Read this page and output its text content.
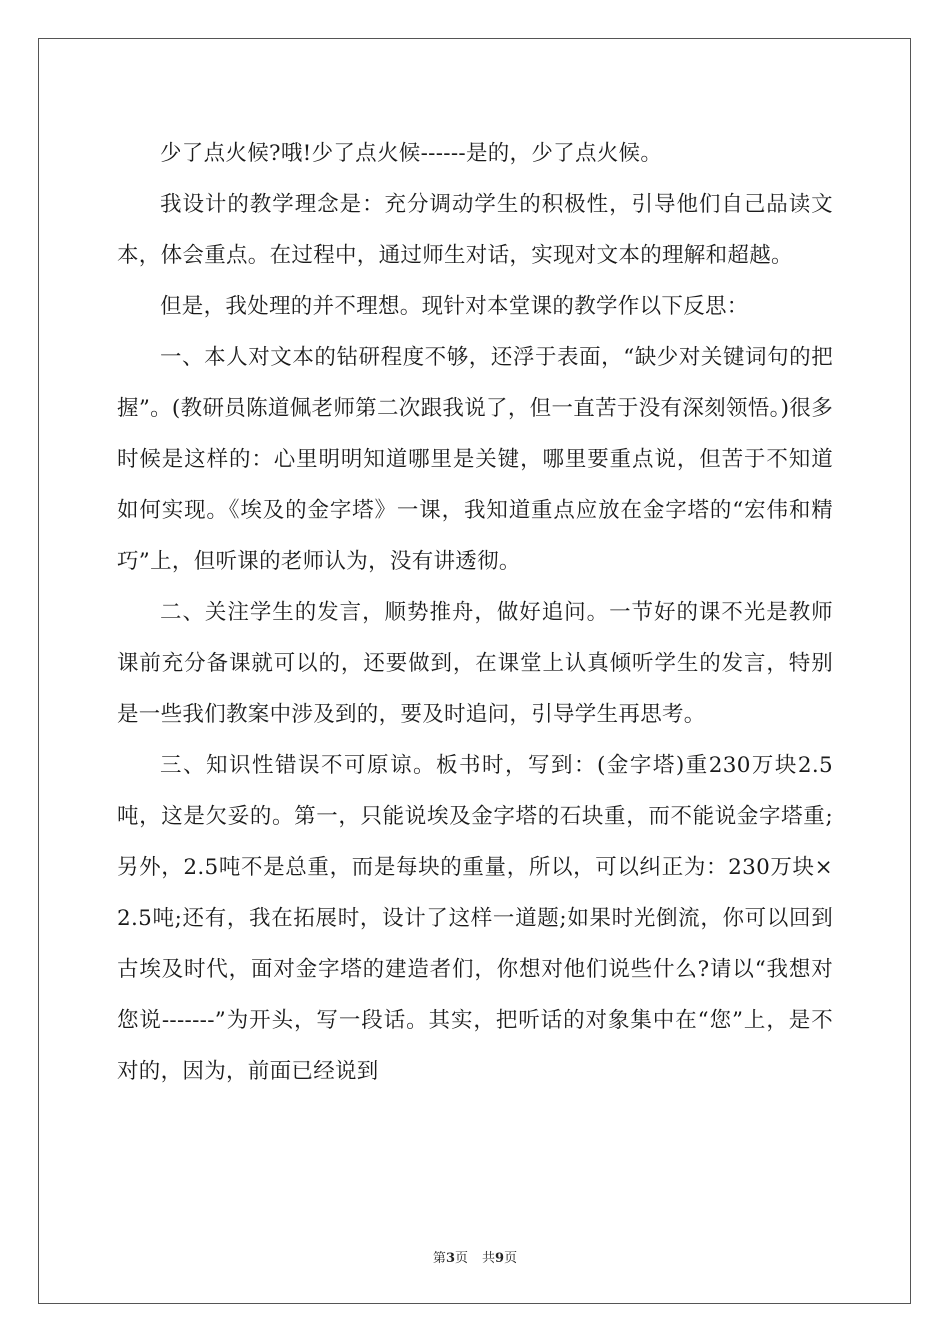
少了点火候?哦!少了点火候------是的，少了点火候。

我设计的教学理念是：充分调动学生的积极性，引导他们自己品读文本，体会重点。在过程中，通过师生对话，实现对文本的理解和超越。

但是，我处理的并不理想。现针对本堂课的教学作以下反思：

一、本人对文本的钻研程度不够，还浮于表面，“缺少对关键词句的把握”。(教研员陈道佩老师第二次跟我说了，但一直苦于没有深刻领悟。)很多时候是这样的：心里明明知道哪里是关键，哪里要重点说，但苦于不知道如何实现。《埃及的金字塔》一课，我知道重点应放在金字塔的“宏伟和精巧”上，但听课的老师认为，没有讲透彻。

二、关注学生的发言，顺势推舟，做好追问。一节好的课不光是教师课前充分备课就可以的，还要做到，在课堂上认真倾听学生的发言，特别是一些我们教案中涉及到的，要及时追问，引导学生再思考。

三、知识性错误不可原谅。板书时，写到：(金字塔)重230万块2.5吨，这是欠妥的。第一，只能说埃及金字塔的石块重，而不能说金字塔重;另外，2.5吨不是总重，而是每块的重量，所以，可以纠正为：230万块×2.5吨;还有，我在拓展时，设计了这样一道题;如果时光倒流，你可以回到古埃及时代，面对金字塔的建造者们，你想对他们说些什么?请以“我想对您说-------”为开头，写一段话。其实，把听话的对象集中在“您”上，是不对的，因为，前面已经说到

第3页 共9页
